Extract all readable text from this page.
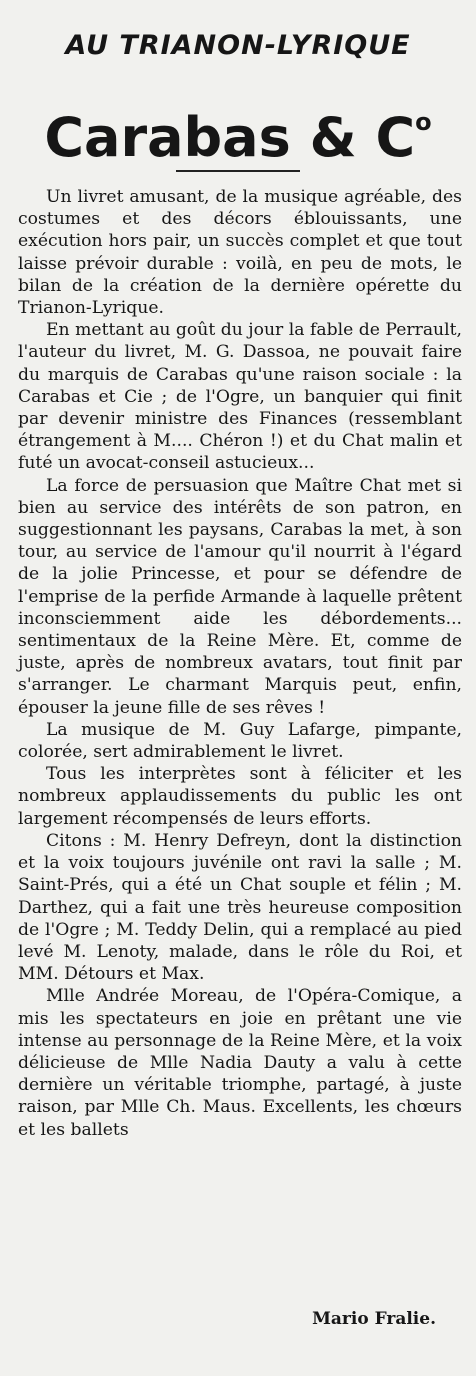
AU TRIANON-LYRIQUE
Carabas & $C^o$

Un livret amusant, de la musique agréable, des costumes et des décors éblouissants, une exécution hors pair, un succès complet et que tout laisse prévoir durable : voilà, en peu de mots, le bilan de la création de la dernière opérette du Trianon-Lyrique.

En mettant au goût du jour la fable de Perrault, l'auteur du livret, M. G. Dassoa, ne pouvait faire du marquis de Carabas qu'une raison sociale : la Carabas et Cie ; de l'Ogre, un banquier qui finit par devenir ministre des Finances (ressemblant étrangement à M.... Chéron !) et du Chat malin et futé un avocat-conseil astucieux...

La force de persuasion que Maître Chat met si bien au service des intérêts de son patron, en suggestionnant les paysans, Carabas la met, à son tour, au service de l'amour qu'il nourrit à l'égard de la jolie Princesse, et pour se défendre de l'emprise de la perfide Armande à laquelle prêtent inconsciemment aide les débordements... sentimentaux de la Reine Mère. Et, comme de juste, après de nombreux avatars, tout finit par s'arranger. Le charmant Marquis peut, enfin, épouser la jeune fille de ses rêves !

La musique de M. Guy Lafarge, pimpante, colorée, sert admirablement le livret.

Tous les interprètes sont à féliciter et les nombreux applaudissements du public les ont largement récompensés de leurs efforts.

Citons : M. Henry Defreyn, dont la distinction et la voix toujours juvénile ont ravi la salle ; M. Saint-Prés, qui a été un Chat souple et félin ; M. Darthez, qui a fait une très heureuse composition de l'Ogre ; M. Teddy Delin, qui a remplacé au pied levé M. Lenoty, malade, dans le rôle du Roi, et MM. Détours et Max.

Mlle Andrée Moreau, de l'Opéra-Comique, a mis les spectateurs en joie en prêtant une vie intense au personnage de la Reine Mère, et la voix délicieuse de Mlle Nadia Dauty a valu à cette dernière un véritable triomphe, partagé, à juste raison, par Mlle Ch. Maus. Excellents, les chœurs et les ballets

Mario Fralie.
